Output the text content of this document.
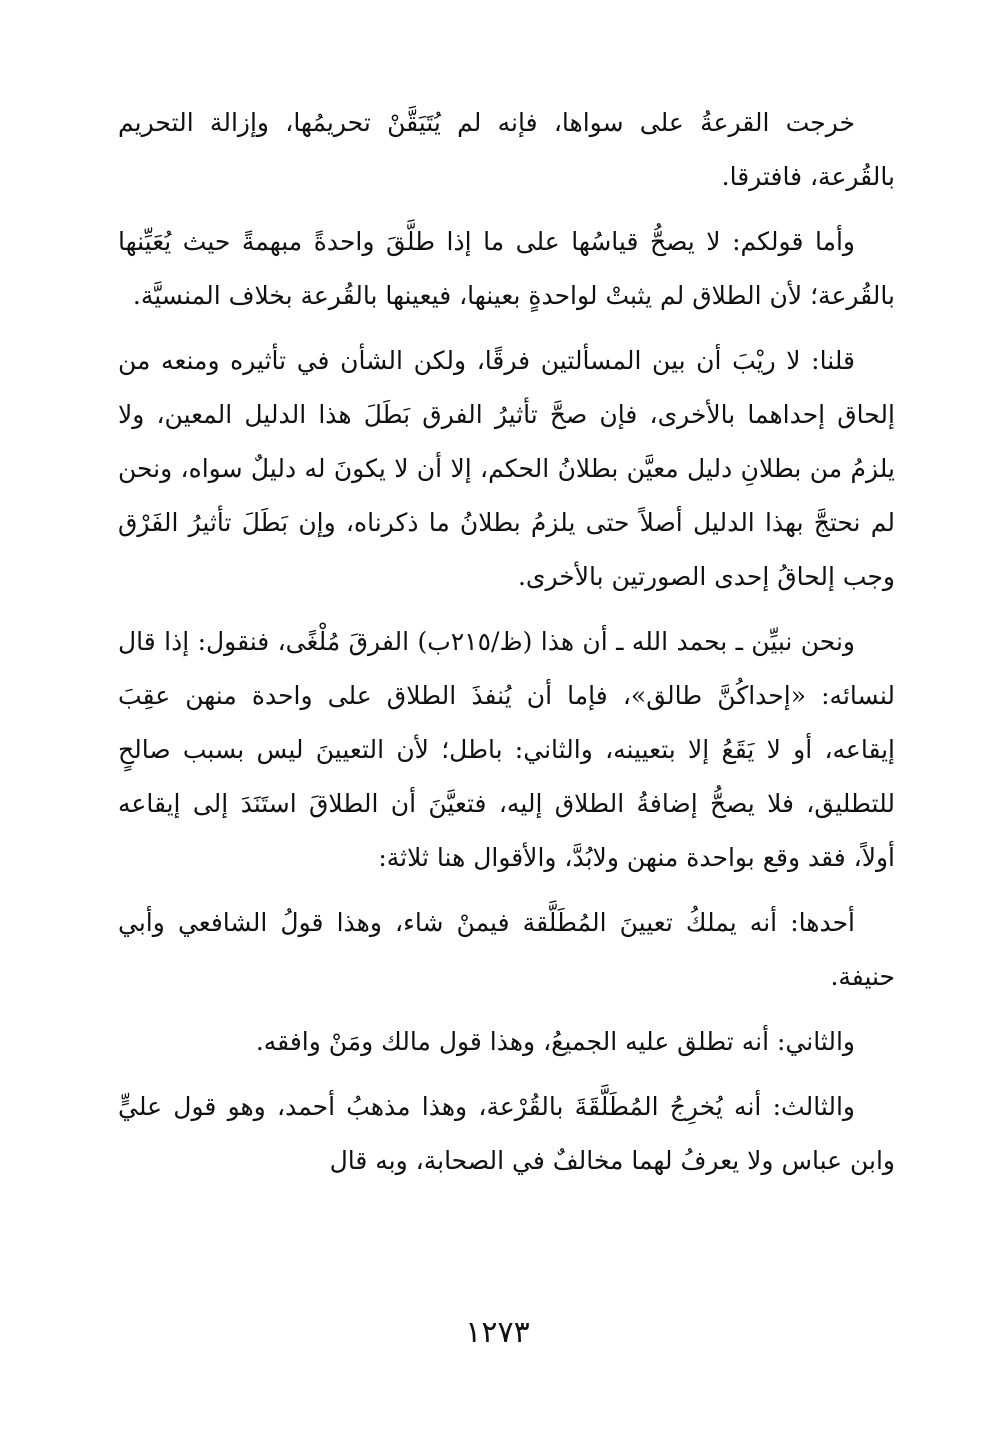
خرجت القرعةُ على سواها، فإنه لم يُتَيَقَّنْ تحريمُها، وإزالة التحريم بالقُرعة، فافترقا.

وأما قولكم: لا يصحُّ قياسُها على ما إذا طلَّقَ واحدةً مبهمةً حيث يُعَيِّنها بالقُرعة؛ لأن الطلاق لم يثبتْ لواحدةٍ بعينها، فيعينها بالقُرعة بخلاف المنسيَّة.

قلنا: لا ريْبَ أن بين المسألتين فرقًا، ولكن الشأن في تأثيره ومنعه من إلحاق إحداهما بالأخرى، فإن صحَّ تأثيرُ الفرق بَطَلَ هذا الدليل المعين، ولا يلزمُ من بطلانِ دليل معيَّن بطلانُ الحكم، إلا أن لا يكونَ له دليلٌ سواه، ونحن لم نحتجَّ بهذا الدليل أصلاً حتى يلزمُ بطلانُ ما ذكرناه، وإن بَطَلَ تأثيرُ الفَرْق وجب إلحاقُ إحدى الصورتين بالأخرى.

ونحن نبيِّن ـ بحمد الله ـ أن هذا (ظ/٢١٥ب) الفرقَ مُلْغًى، فنقول: إذا قال لنسائه: «إحداكُنَّ طالق»، فإما أن يُنفذَ الطلاق على واحدة منهن عقِبَ إيقاعه، أو لا يَقَعُ إلا بتعيينه، والثاني: باطل؛ لأن التعيينَ ليس بسبب صالحٍ للتطليق، فلا يصحُّ إضافةُ الطلاق إليه، فتعيَّنَ أن الطلاقَ استَنَدَ إلى إيقاعه أولاً، فقد وقع بواحدة منهن ولابُدَّ، والأقوال هنا ثلاثة:

أحدها: أنه يملكُ تعيينَ المُطَلَّقة فيمنْ شاء، وهذا قولُ الشافعي وأبي حنيفة.

والثاني: أنه تطلق عليه الجميعُ، وهذا قول مالك ومَنْ وافقه.

والثالث: أنه يُخرِجُ المُطَلَّقَةَ بالقُرْعة، وهذا مذهبُ أحمد، وهو قول عليٍّ وابن عباس ولا يعرفُ لهما مخالفٌ في الصحابة، وبه قال

١٢٧٣
